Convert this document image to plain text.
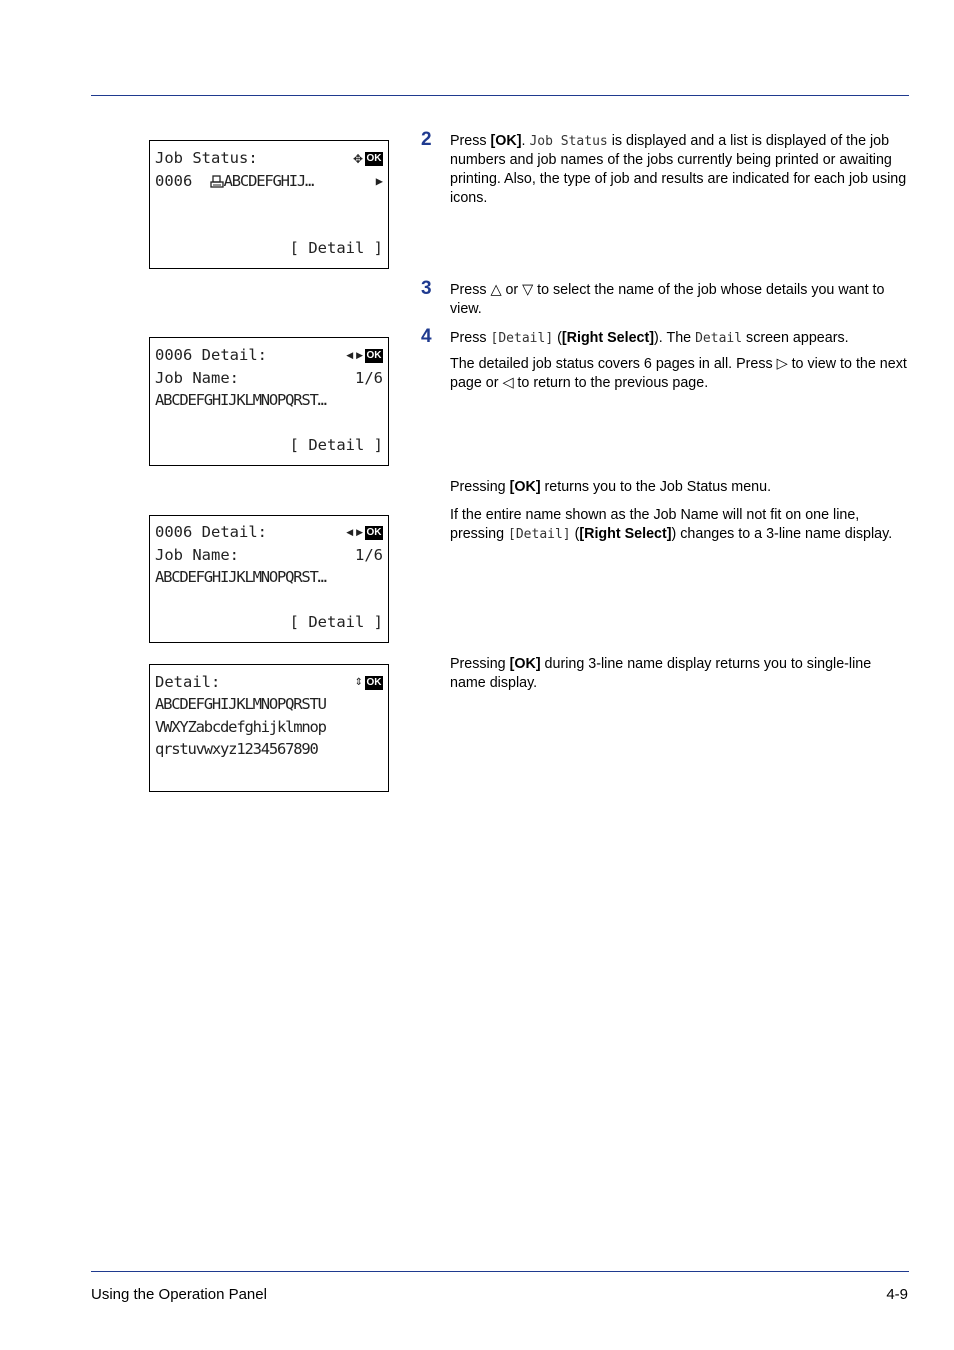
Job Status:	✥ OK
0006 ABCDEFGHIJ…	▶
[ Detail ]
0006 Detail:	◀ ▶ OK
Job Name:	1/6
ABCDEFGHIJKLMNOPQRST…
[ Detail ]
0006 Detail:	◀ ▶ OK
Job Name:	1/6
ABCDEFGHIJKLMNOPQRST…
[ Detail ]
Detail:	⇕ OK
ABCDEFGHIJKLMNOPQRSTU
VWXYZabcdefghijklmnop
qrstuvwxyz1234567890
2 Press [OK]. Job Status is displayed and a list is displayed of the job numbers and job names of the jobs currently being printed or awaiting printing. Also, the type of job and results are indicated for each job using icons.
3 Press △ or ▽ to select the name of the job whose details you want to view.
4 Press [Detail] ([Right Select]). The Detail screen appears.
The detailed job status covers 6 pages in all. Press ▷ to view to the next page or ◁ to return to the previous page.
Pressing [OK] returns you to the Job Status menu.
If the entire name shown as the Job Name will not fit on one line, pressing [Detail] ([Right Select]) changes to a 3-line name display.
Pressing [OK] during 3-line name display returns you to single-line name display.
Using the Operation Panel	4-9
